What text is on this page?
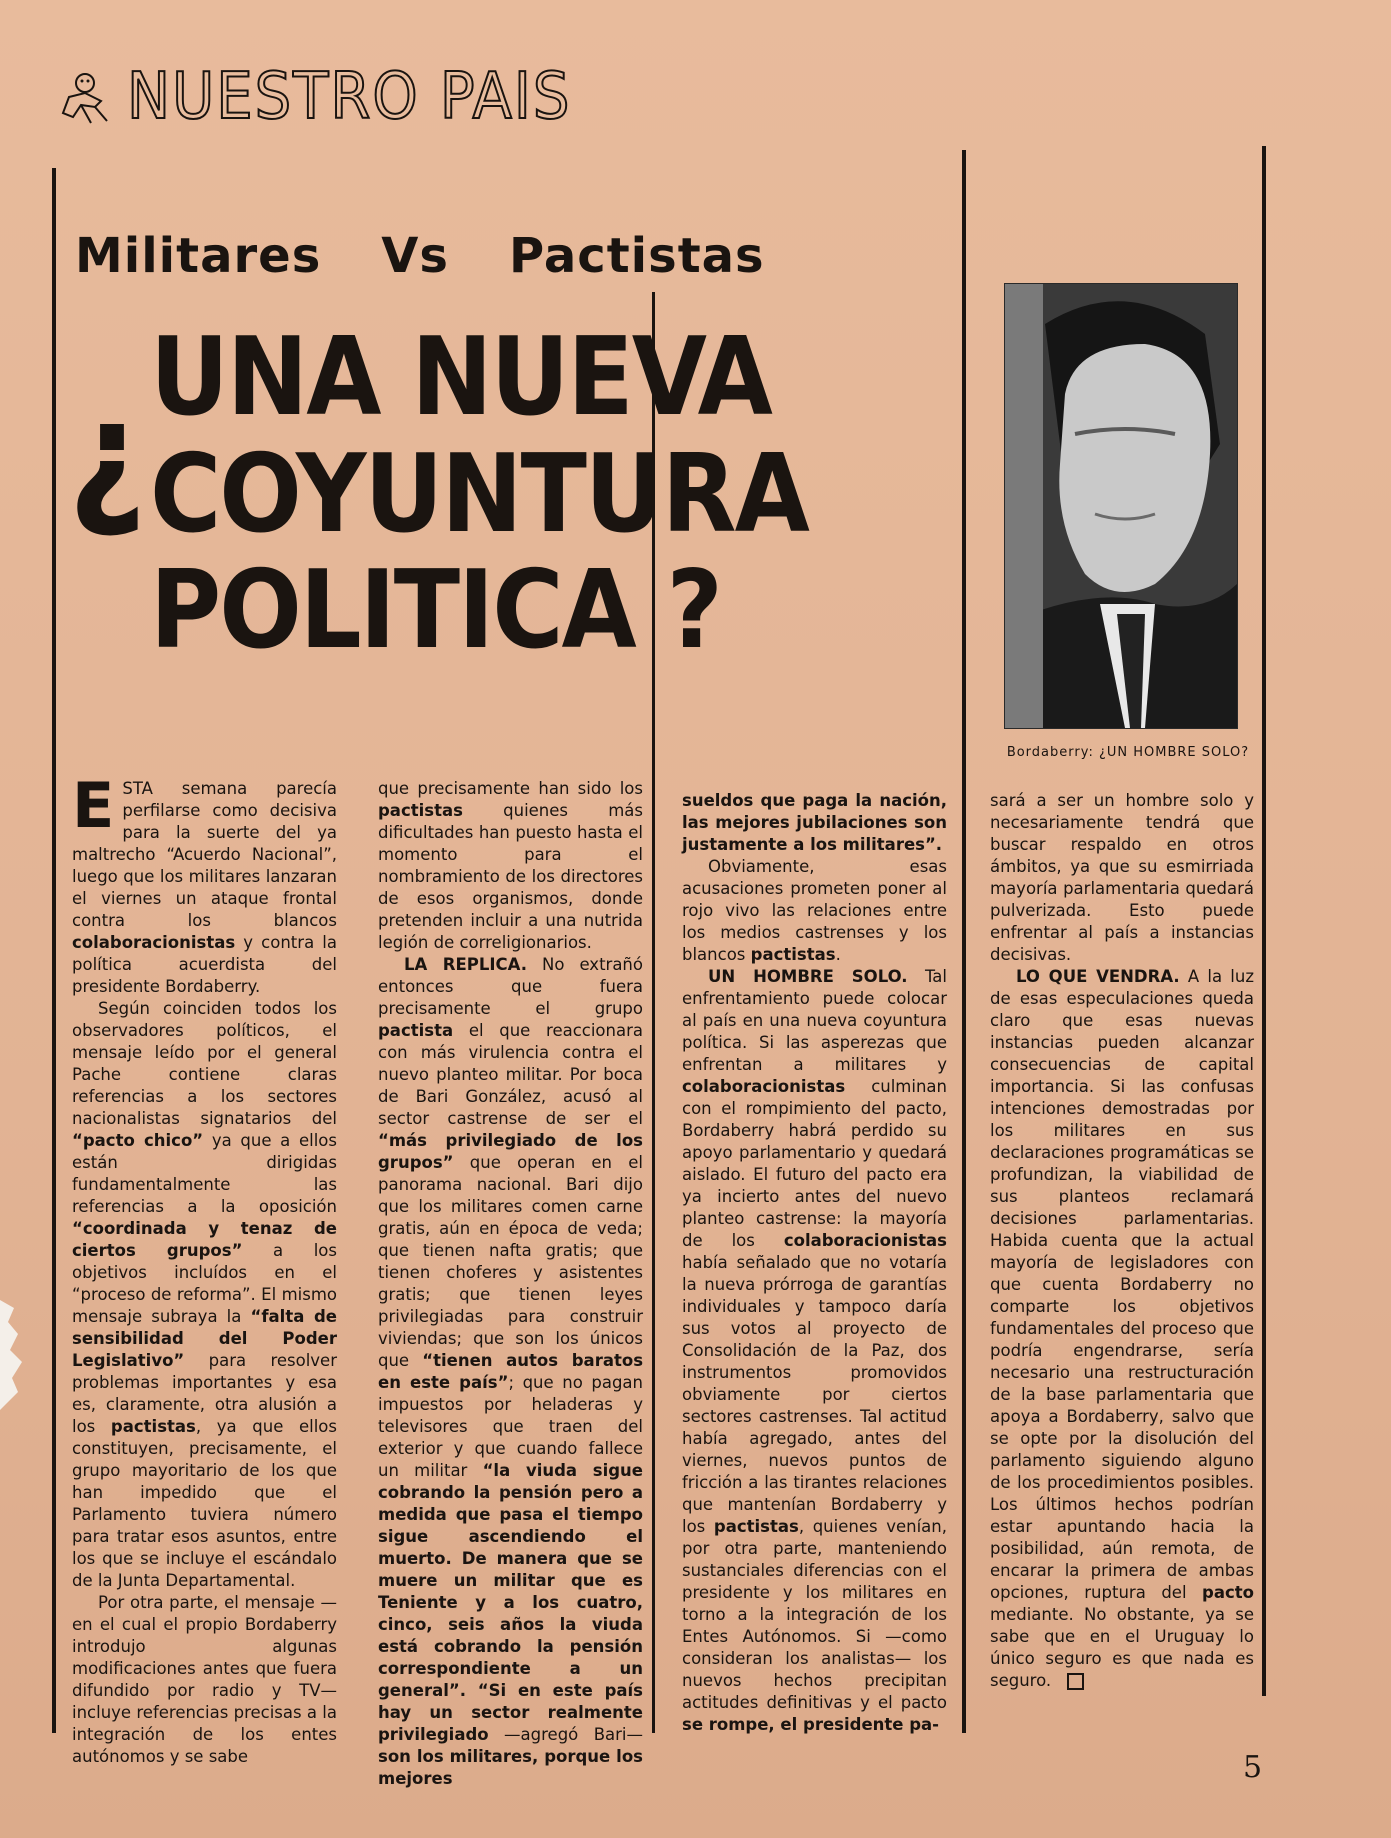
NUESTRO PAIS
Militares Vs Pactistas
¿ UNA NUEVA
COYUNTURA
POLITICA ?
Bordaberry: ¿UN HOMBRE SOLO?

ESTA semana parecía perfilarse como decisiva para la suerte del ya maltrecho “Acuerdo Nacional”, luego que los militares lanzaran el viernes un ataque frontal contra los blancos colaboracionistas y contra la política acuerdista del presidente Bordaberry.

Según coinciden todos los observadores políticos, el mensaje leído por el general Pache contiene claras referencias a los sectores nacionalistas signatarios del “pacto chico” ya que a ellos están dirigidas fundamentalmente las referencias a la oposición “coordinada y tenaz de ciertos grupos” a los objetivos incluídos en el “proceso de reforma”. El mismo mensaje subraya la “falta de sensibilidad del Poder Legislativo” para resolver problemas importantes y esa es, claramente, otra alusión a los pactistas, ya que ellos constituyen, precisamente, el grupo mayoritario de los que han impedido que el Parlamento tuviera número para tratar esos asuntos, entre los que se incluye el escándalo de la Junta Departamental.

Por otra parte, el mensaje —en el cual el propio Bordaberry introdujo algunas modificaciones antes que fuera difundido por radio y TV— incluye referencias precisas a la integración de los entes autónomos y se sabe

que precisamente han sido los pactistas quienes más dificultades han puesto hasta el momento para el nombramiento de los directores de esos organismos, donde pretenden incluir a una nutrida legión de correligionarios.

LA REPLICA. No extrañó entonces que fuera precisamente el grupo pactista el que reaccionara con más virulencia contra el nuevo planteo militar. Por boca de Bari González, acusó al sector castrense de ser el “más privilegiado de los grupos” que operan en el panorama nacional. Bari dijo que los militares comen carne gratis, aún en época de veda; que tienen nafta gratis; que tienen choferes y asistentes gratis; que tienen leyes privilegiadas para construir viviendas; que son los únicos que “tienen autos baratos en este país”; que no pagan impuestos por heladeras y televisores que traen del exterior y que cuando fallece un militar “la viuda sigue cobrando la pensión pero a medida que pasa el tiempo sigue ascendiendo el muerto. De manera que se muere un militar que es Teniente y a los cuatro, cinco, seis años la viuda está cobrando la pensión correspondiente a un general”. “Si en este país hay un sector realmente privilegiado —agregó Bari— son los militares, porque los mejores

sueldos que paga la nación, las mejores jubilaciones son justamente a los militares”.

Obviamente, esas acusaciones prometen poner al rojo vivo las relaciones entre los medios castrenses y los blancos pactistas.

UN HOMBRE SOLO. Tal enfrentamiento puede colocar al país en una nueva coyuntura política. Si las asperezas que enfrentan a militares y colaboracionistas culminan con el rompimiento del pacto, Bordaberry habrá perdido su apoyo parlamentario y quedará aislado. El futuro del pacto era ya incierto antes del nuevo planteo castrense: la mayoría de los colaboracionistas había señalado que no votaría la nueva prórroga de garantías individuales y tampoco daría sus votos al proyecto de Consolidación de la Paz, dos instrumentos promovidos obviamente por ciertos sectores castrenses. Tal actitud había agregado, antes del viernes, nuevos puntos de fricción a las tirantes relaciones que mantenían Bordaberry y los pactistas, quienes venían, por otra parte, manteniendo sustanciales diferencias con el presidente y los militares en torno a la integración de los Entes Autónomos. Si —como consideran los analistas— los nuevos hechos precipitan actitudes definitivas y el pacto se rompe, el presidente pa-

sará a ser un hombre solo y necesariamente tendrá que buscar respaldo en otros ámbitos, ya que su esmirriada mayoría parlamentaria quedará pulverizada. Esto puede enfrentar al país a instancias decisivas.

LO QUE VENDRA. A la luz de esas especulaciones queda claro que esas nuevas instancias pueden alcanzar consecuencias de capital importancia. Si las confusas intenciones demostradas por los militares en sus declaraciones programáticas se profundizan, la viabilidad de sus planteos reclamará decisiones parlamentarias. Habida cuenta que la actual mayoría de legisladores con que cuenta Bordaberry no comparte los objetivos fundamentales del proceso que podría engendrarse, sería necesario una restructuración de la base parlamentaria que apoya a Bordaberry, salvo que se opte por la disolución del parlamento siguiendo alguno de los procedimientos posibles. Los últimos hechos podrían estar apuntando hacia la posibilidad, aún remota, de encarar la primera de ambas opciones, ruptura del pacto mediante. No obstante, ya se sabe que en el Uruguay lo único seguro es que nada es seguro.

5
